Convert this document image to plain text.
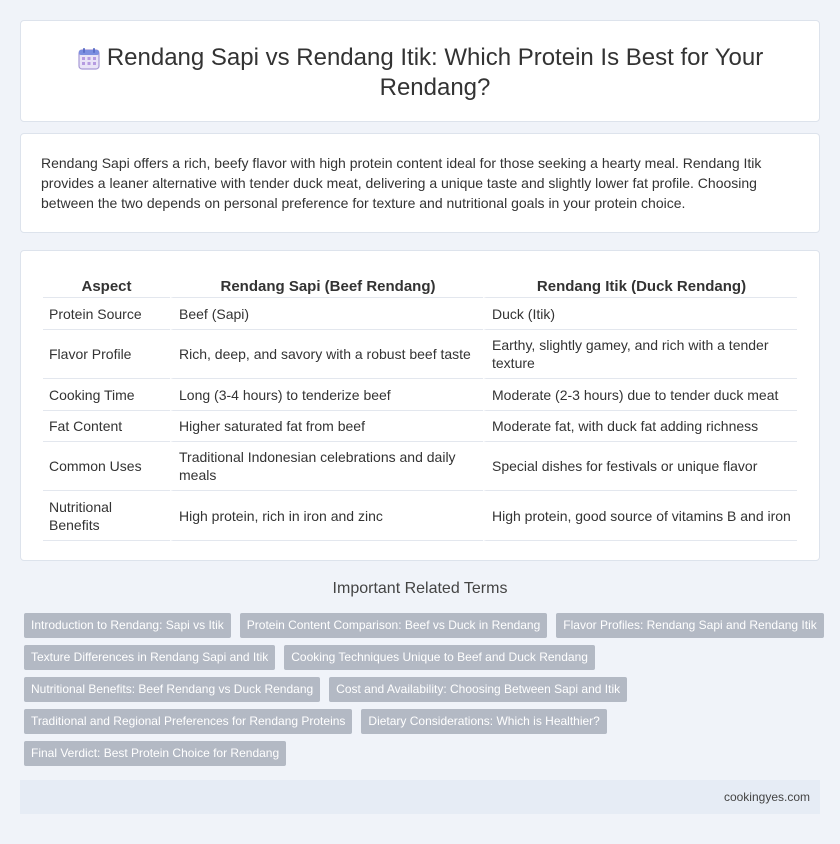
Rendang Sapi vs Rendang Itik: Which Protein Is Best for Your Rendang?

Rendang Sapi offers a rich, beefy flavor with high protein content ideal for those seeking a hearty meal. Rendang Itik provides a leaner alternative with tender duck meat, delivering a unique taste and slightly lower fat profile. Choosing between the two depends on personal preference for texture and nutritional goals in your protein choice.

Aspect	Rendang Sapi (Beef Rendang)	Rendang Itik (Duck Rendang)
Protein Source	Beef (Sapi)	Duck (Itik)
Flavor Profile	Rich, deep, and savory with a robust beef taste	Earthy, slightly gamey, and rich with a tender texture
Cooking Time	Long (3-4 hours) to tenderize beef	Moderate (2-3 hours) due to tender duck meat
Fat Content	Higher saturated fat from beef	Moderate fat, with duck fat adding richness
Common Uses	Traditional Indonesian celebrations and daily meals	Special dishes for festivals or unique flavor
Nutritional Benefits	High protein, rich in iron and zinc	High protein, good source of vitamins B and iron
Important Related Terms
Introduction to Rendang: Sapi vs Itik Protein Content Comparison: Beef vs Duck in Rendang Flavor Profiles: Rendang Sapi and Rendang Itik
Texture Differences in Rendang Sapi and Itik Cooking Techniques Unique to Beef and Duck Rendang
Nutritional Benefits: Beef Rendang vs Duck Rendang Cost and Availability: Choosing Between Sapi and Itik
Traditional and Regional Preferences for Rendang Proteins Dietary Considerations: Which is Healthier?
Final Verdict: Best Protein Choice for Rendang
cookingyes.com
